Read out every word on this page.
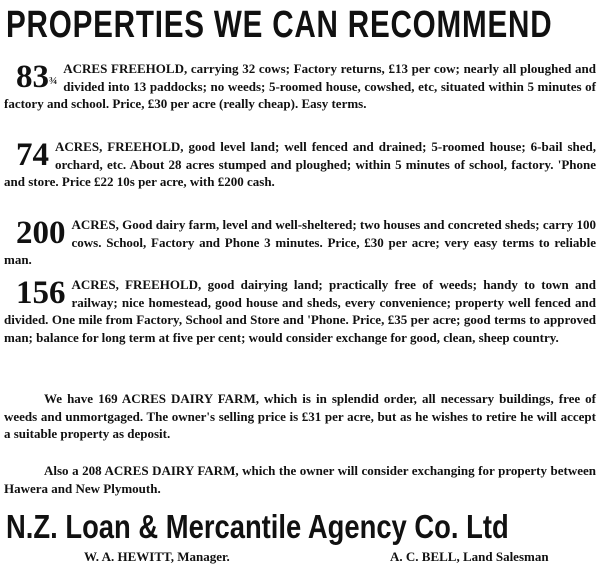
PROPERTIES WE CAN RECOMMEND
$83^{\frac{3}{4}}$
ACRES FREEHOLD, carrying 32 cows; Factory returns, £13 per cow; nearly all ploughed and divided into 13 paddocks; no weeds; 5-roomed house, cowshed, etc, situated within 5 minutes of factory and school. Price, £30 per acre (really cheap). Easy terms.
74 ACRES, FREEHOLD, good level land; well fenced and drained; 5-roomed house; 6-bail shed, orchard, etc. About 28 acres stumped and ploughed; within 5 minutes of school, factory. 'Phone and store. Price £22 10s per acre, with £200 cash.
200 ACRES, Good dairy farm, level and well-sheltered; two houses and concreted sheds; carry 100 cows. School, Factory and Phone 3 minutes. Price, £30 per acre; very easy terms to reliable man.
156 ACRES, FREEHOLD, good dairying land; practically free of weeds; handy to town and railway; nice homestead, good house and sheds, every convenience; property well fenced and divided. One mile from Factory, School and Store and 'Phone. Price, £35 per acre; good terms to approved man; balance for long term at five per cent; would consider exchange for good, clean, sheep country.
We have 169 ACRES DAIRY FARM, which is in splendid order, all necessary buildings, free of weeds and unmortgaged. The owner's selling price is £31 per acre, but as he wishes to retire he will accept a suitable property as deposit.
Also a 208 ACRES DAIRY FARM, which the owner will consider exchanging for property between Hawera and New Plymouth.
N.Z. Loan & Mercantile Agency Co. Ltd
W. A. HEWITT, Manager.	A. C. BELL, Land Salesman
